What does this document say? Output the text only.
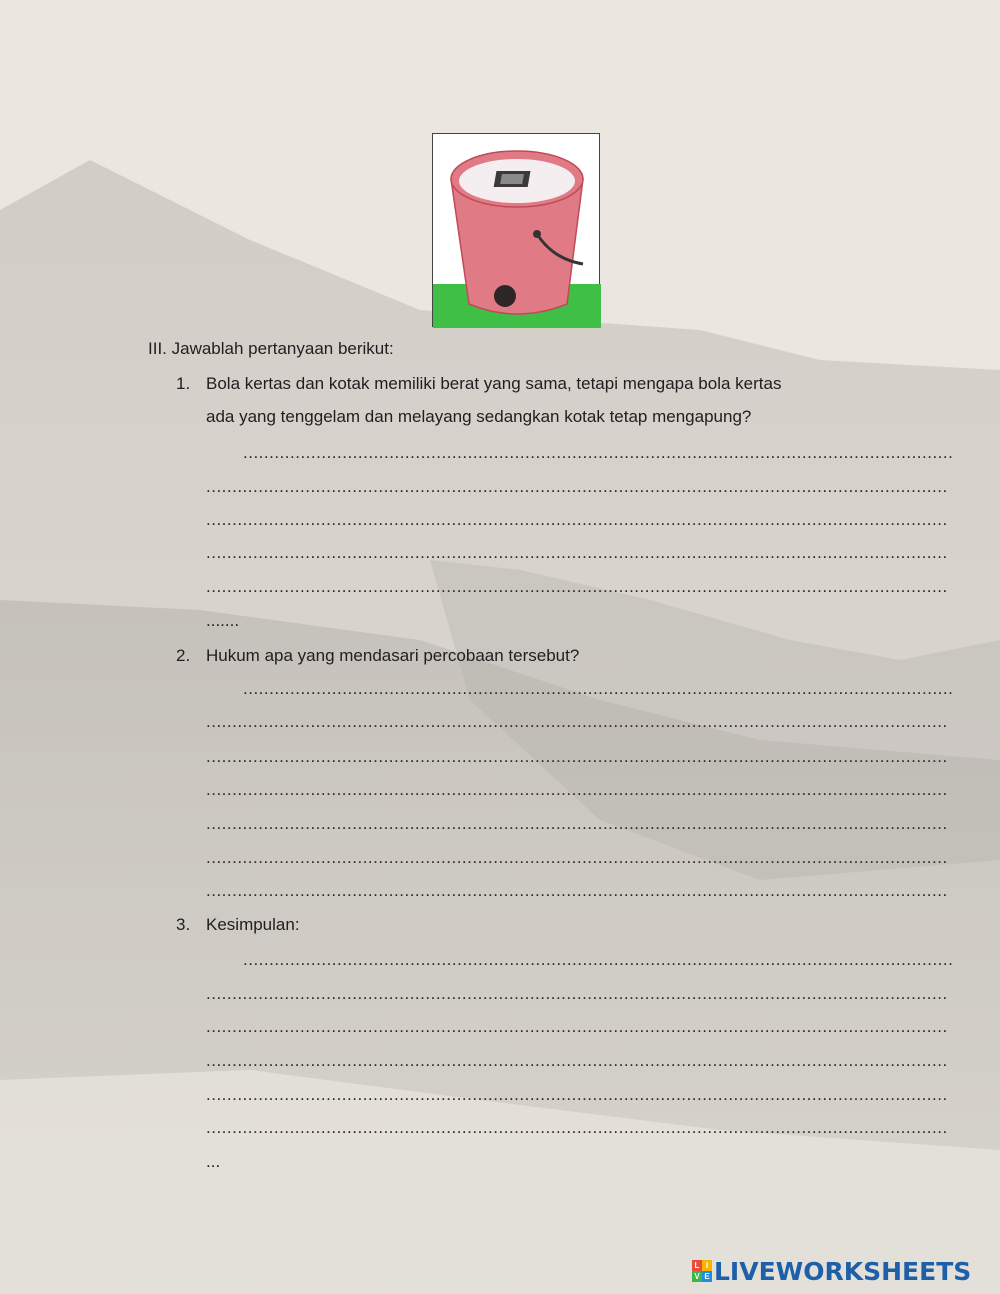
III. Jawablah pertanyaan berikut:
1. Bola kertas dan kotak memiliki berat yang sama, tetapi mengapa bola kertas
ada yang tenggelam dan melayang sedangkan kotak tetap mengapung?
........................................................................................................................................
..............................................................................................................................................
..............................................................................................................................................
..............................................................................................................................................
..............................................................................................................................................
.......
2. Hukum apa yang mendasari percobaan tersebut?
........................................................................................................................................
..............................................................................................................................................
..............................................................................................................................................
..............................................................................................................................................
..............................................................................................................................................
..............................................................................................................................................
..............................................................................................................................................
3. Kesimpulan:
........................................................................................................................................
..............................................................................................................................................
..............................................................................................................................................
..............................................................................................................................................
..............................................................................................................................................
..............................................................................................................................................
...
L I
V E LIVEWORKSHEETS
